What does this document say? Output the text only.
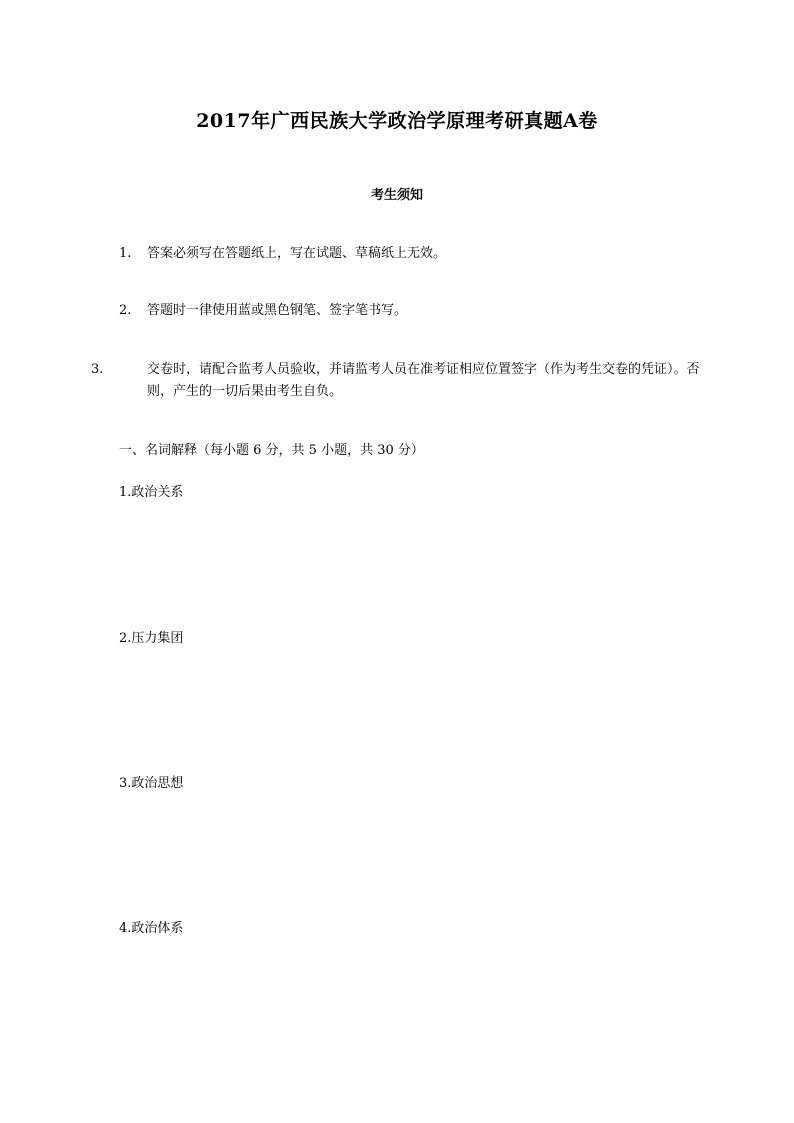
2017年广西民族大学政治学原理考研真题A卷
考生须知
1. 答案必须写在答题纸上，写在试题、草稿纸上无效。
2. 答题时一律使用蓝或黑色钢笔、签字笔书写。
3.	交卷时，请配合监考人员验收，并请监考人员在准考证相应位置签字（作为考生交卷的凭证）。否则，产生的一切后果由考生自负。
一、名词解释（每小题 6 分，共 5 小题，共 30 分）
1.政治关系
2.压力集团
3.政治思想
4.政治体系
